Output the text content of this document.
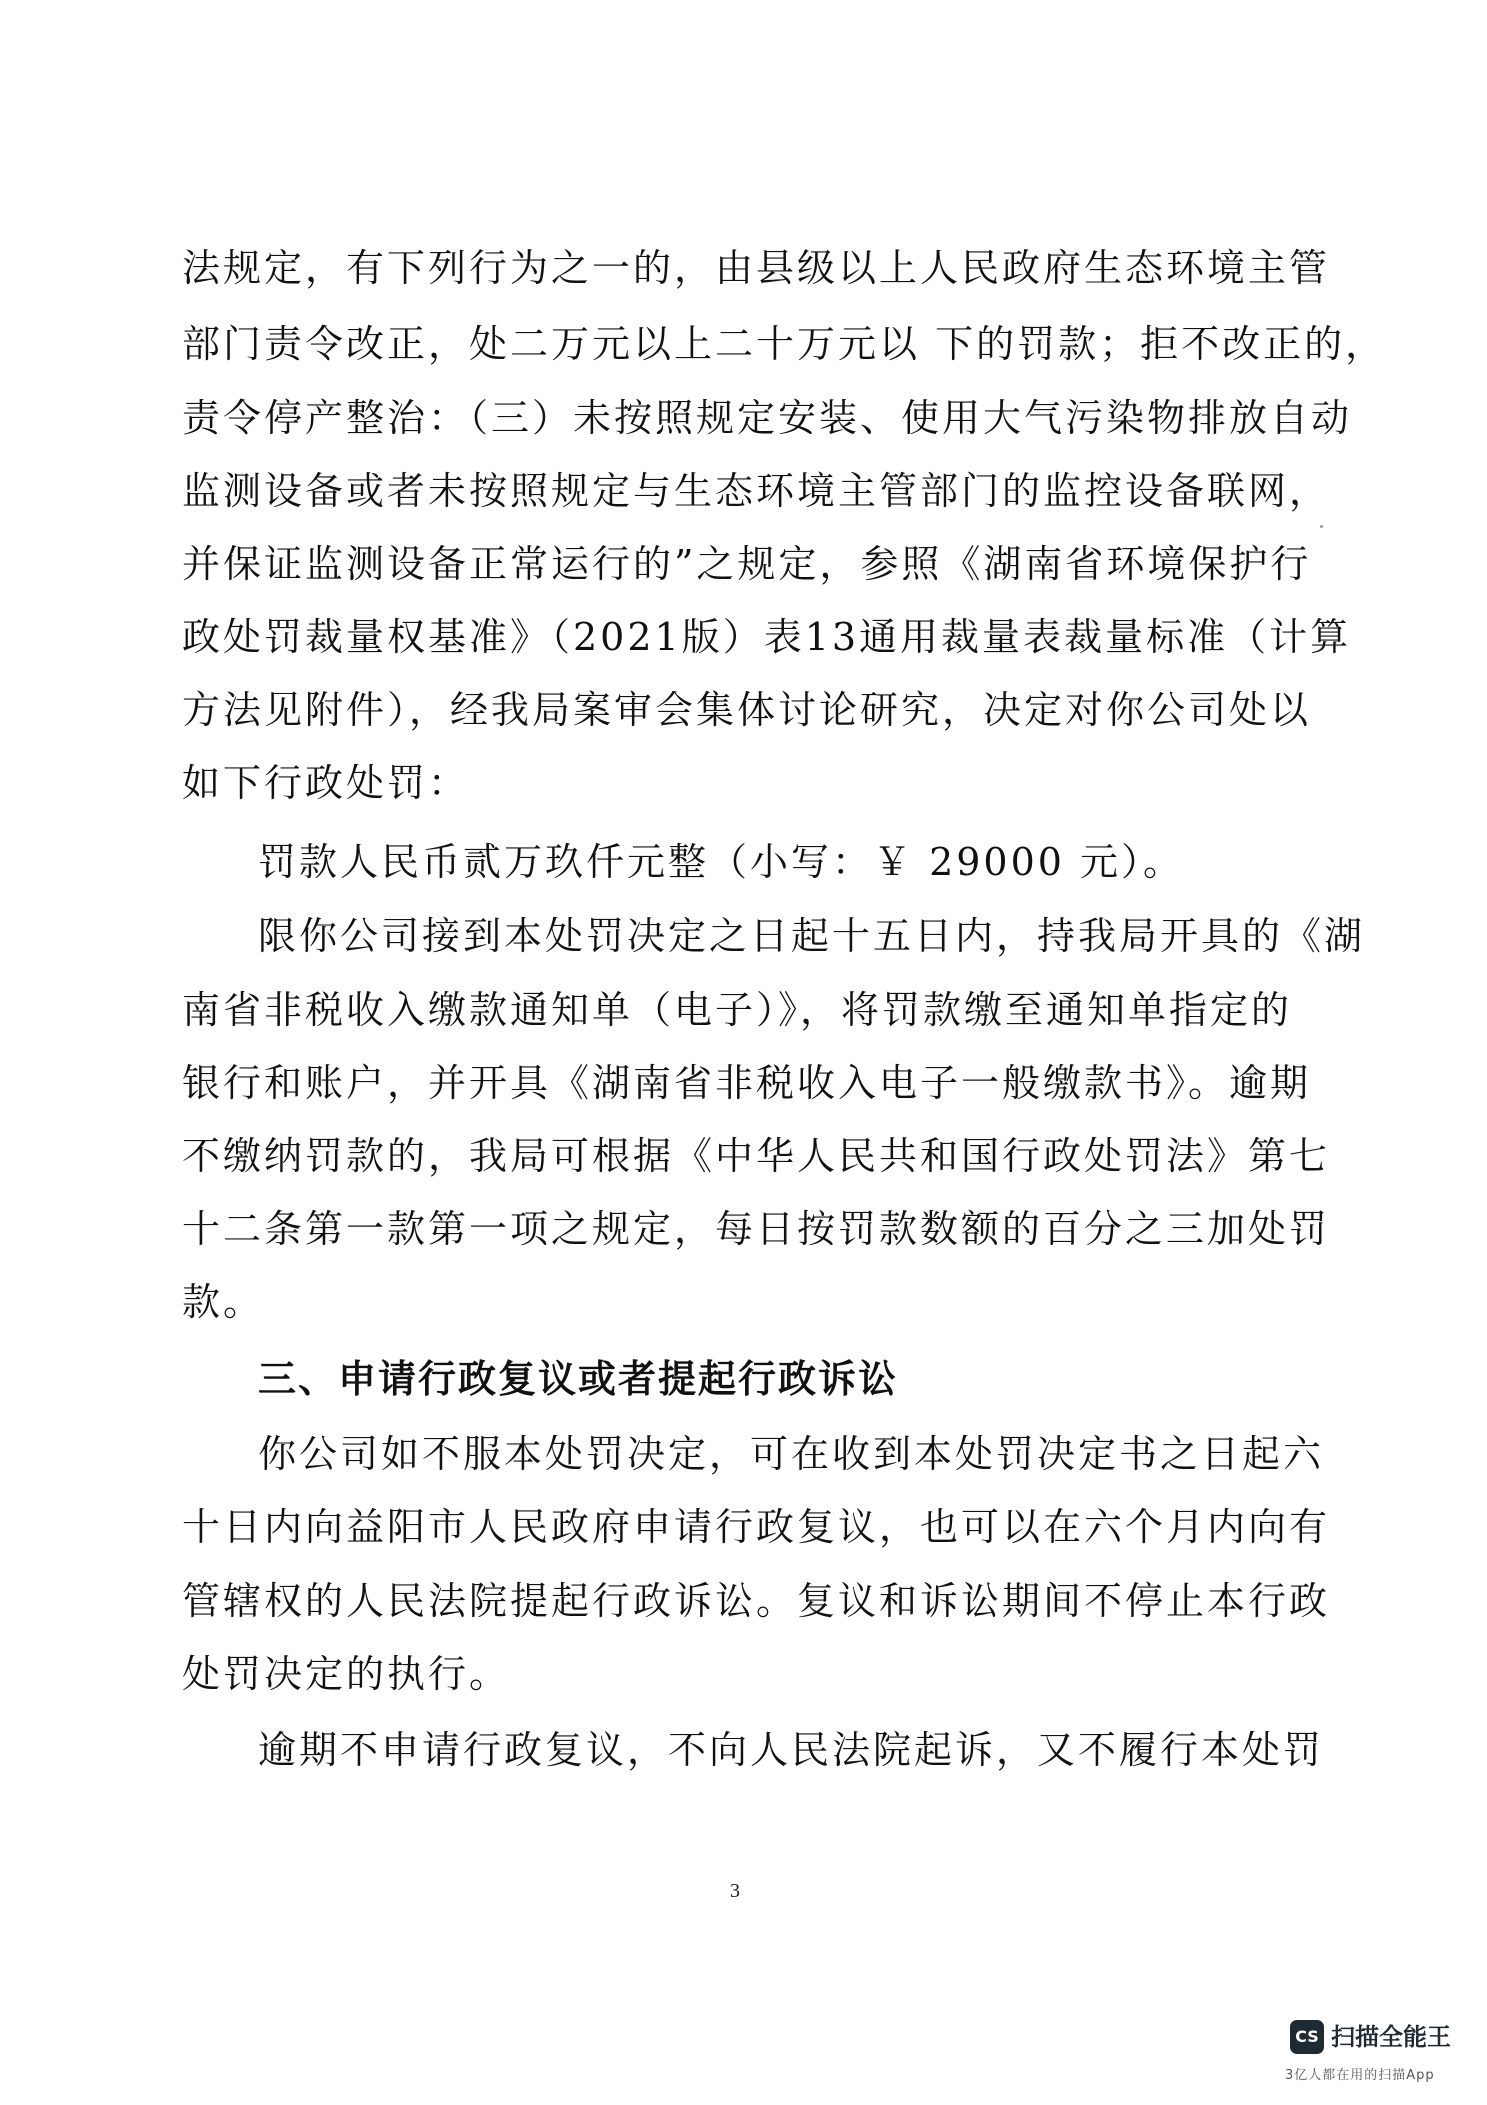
法规定，有下列行为之一的，由县级以上人民政府生态环境主管
部门责令改正，处二万元以上二十万元以 下的罚款；拒不改正的，
责令停产整治：（三）未按照规定安装、使用大气污染物排放自动
监测设备或者未按照规定与生态环境主管部门的监控设备联网，
并保证监测设备正常运行的”之规定，参照《湖南省环境保护行
政处罚裁量权基准》（2021版）表13通用裁量表裁量标准（计算
方法见附件），经我局案审会集体讨论研究，决定对你公司处以
如下行政处罚：
罚款人民币贰万玖仟元整（小写：￥ 29000 元）。
限你公司接到本处罚决定之日起十五日内，持我局开具的《湖
南省非税收入缴款通知单（电子）》，将罚款缴至通知单指定的
银行和账户，并开具《湖南省非税收入电子一般缴款书》。逾期
不缴纳罚款的，我局可根据《中华人民共和国行政处罚法》第七
十二条第一款第一项之规定，每日按罚款数额的百分之三加处罚
款。
三、申请行政复议或者提起行政诉讼
你公司如不服本处罚决定，可在收到本处罚决定书之日起六
十日内向益阳市人民政府申请行政复议，也可以在六个月内向有
管辖权的人民法院提起行政诉讼。复议和诉讼期间不停止本行政
处罚决定的执行。
逾期不申请行政复议，不向人民法院起诉，又不履行本处罚
3
CS 扫描全能王
3亿人都在用的扫描App
